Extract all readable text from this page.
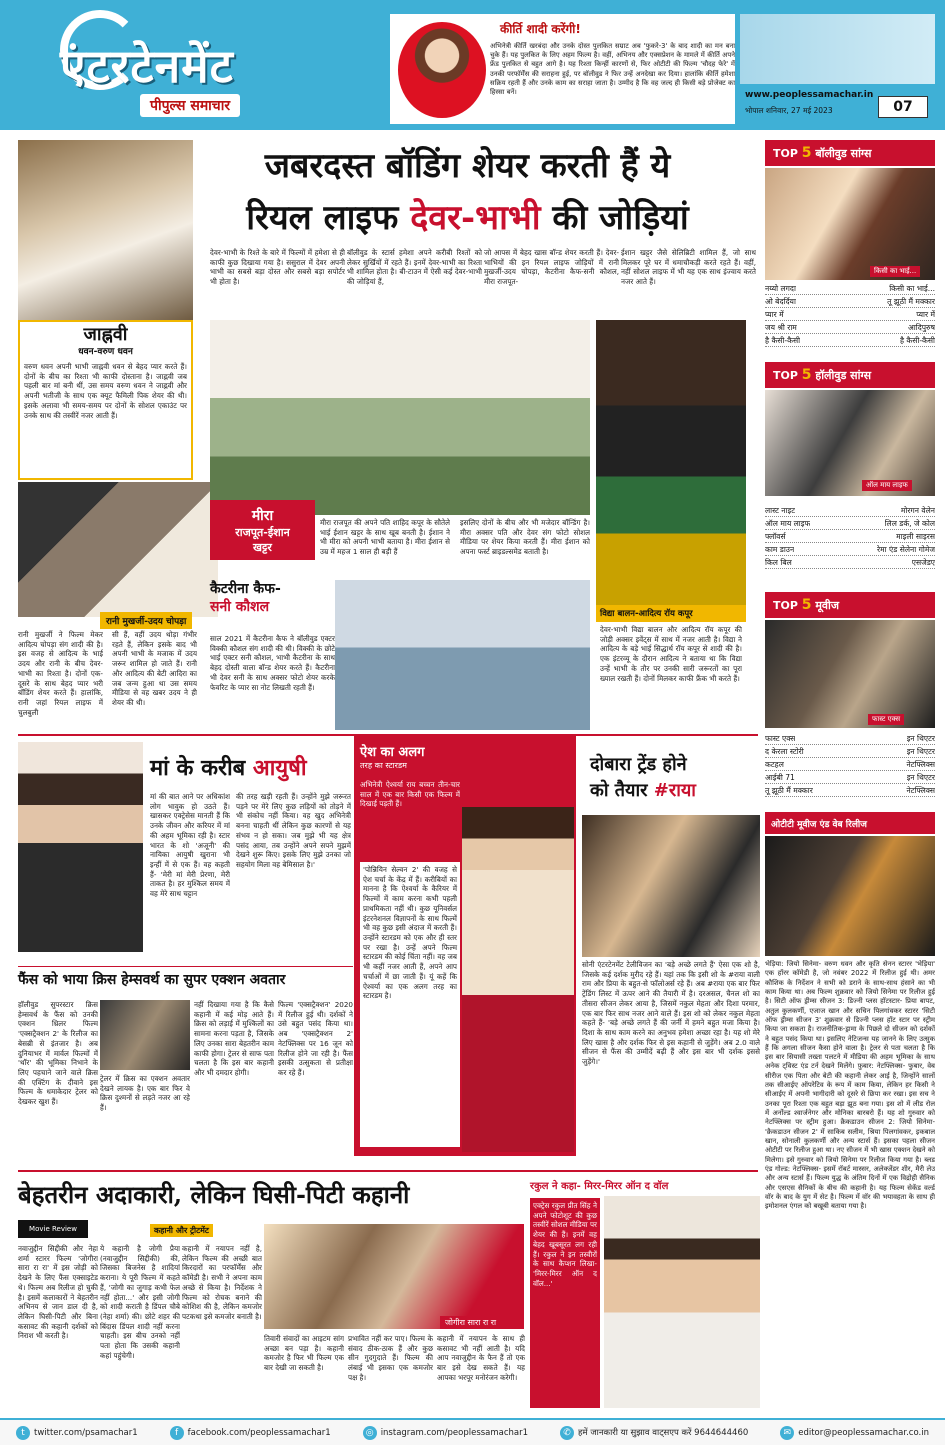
एंटरटेनमेंट
पीपुल्स समाचार
कीर्ति शादी करेंगी!
अभिनेत्री कीर्ति खरबंदा और उनके दोस्त पुलकित सम्राट अब 'फुकरे-3' के बाद शादी का मन बना चुके हैं। यह पुलकित के लिए अहम फिल्म है। वहीं, अभिनय और एक्सप्रेशन के मामले में कीर्ति अपने फ्रेंड पुलकित से बहुत आगे है। यह रिश्ता किन्हीं कारणों से, फिर ओटीटी की फिल्म 'चौदह फेरे' में उनकी परफॉर्मेंस की सराहना हुई, पर बॉलीवुड ने फिर उन्हें अनदेखा कर दिया। हालांकि कीर्ति हमेशा सक्रिय रहती हैं और उनके काम का सराहा जाता है। उम्मीद है कि वह जल्द ही किसी बड़े प्रोजेक्ट का हिस्सा बनें।	www.peoplessamachar.in
भोपाल शनिवार, 27 मई 2023	07
जबरदस्त बॉडिंग शेयर करती हैं ये
रियल लाइफ देवर-भाभी की जोड़ियां
जाह्नवी
धवन-वरुण धवन
वरुण धवन अपनी भाभी जाह्नवी धवन से बेहद प्यार करते हैं। दोनों के बीच का रिश्ता भी काफी दोस्ताना है। जाह्नवी जब पहली बार मां बनी थीं, उस समय वरुण धवन ने जाह्नवी और अपनी भतीजी के साथ एक क्यूट फैमिली पिक शेयर की थी। इसके अलावा भी समय-समय पर दोनों के सोशल एकाउंट पर उनके साथ की तस्वीरें नजर आती हैं।
रानी मुखर्जी-उदय चोपड़ा
रानी मुखर्जी ने फिल्म मेकर आदित्य चोपड़ा संग शादी की है। इस वजह से आदित्य के भाई उदय और रानी के बीच देवर-भाभी का रिश्ता है। दोनों एक-दूसरे के साथ बेहद प्यार भरी बॉडिंग शेयर करते हैं। हालांकि, रानी जहां रियल लाइफ में चुलबुली
सी हैं, वहीं उदय थोड़ा गंभीर रहते हैं, लेकिन इसके बाद भी अपनी भाभी के मजाक में उदय जरूर शामिल हो जाते हैं। रानी और आदित्य की बेटी आदिरा का जब जन्म हुआ था उस समय मीडिया से वह खबर उदय ने ही शेयर की थी।
देवर-भाभी के रिश्ते के बारे में फिल्मों में हमेशा से ही काफी कुछ दिखाया गया है। ससुराल में देवर अपनी भाभी का सबसे बड़ा दोस्त और सबसे बड़ा सपोर्टर भी होता है।
बॉलीवुड के स्टार्स हमेशा अपने करीबी रिश्तों को लेकर सुर्खियों में रहते हैं। इनमें देवर-भाभी का रिश्ता भी शामिल होता है। बी-टाउन में ऐसी कई देवर-भाभी की जोड़ियां हैं,
जो आपस में बेहद खास बॉन्ड शेयर करती हैं। देवर-भाभियों की इन रियल लाइफ जोड़ियों में रानी मुखर्जी-उदय चोपड़ा, कैटरीना कैफ-सनी कौशल, मीरा राजपूत-
ईशान खट्टर जैसे सेलिब्रिटी शामिल हैं, जो साथ मिलकर पूरे घर में धमाचौकड़ी करते रहते हैं। वहीं, नहीं सोशल लाइफ में भी यह एक साथ इंज्वाय करते नजर आते हैं।
मीरा
राजपूत-ईशान
खट्टर
मीरा राजपूत की अपने पति शाहिद कपूर के सौतेले भाई ईशान खट्टर के साथ खूब बनती है। ईशान ने भी मीरा को अपनी भाभी बताया है। मीरा ईशान से उम्र में महज 1 साल ही बड़ी हैं
इसलिए दोनों के बीच और भी मजेदार बॉन्डिंग है। मीरा अक्सर पति और देवर संग फोटो सोशल मीडिया पर शेयर किया करती हैं। मीरा ईशान को अपना फर्स्ट ब्राइडल्समेड बताती है।
विद्या बालन-आदित्य रॉय कपूर
देवर-भाभी विद्या बालन और आदित्य रॉय कपूर की जोड़ी अक्सर इवेंट्स में साथ में नजर आती है। विद्या ने आदित्य के बड़े भाई सिद्धार्थ रॉय कपूर से शादी की है। एक इंटरव्यू के दौरान आदित्य ने बताया था कि विद्या उन्हें भाभी के तौर पर उनकी सारी जरूरतों का पूरा ख्याल रखती हैं। दोनों मिलकर काफी फ्रैंक भी करते हैं।
कैटरीना कैफ-
सनी कौशल
साल 2021 में कैटरीना कैफ ने बॉलीवुड एक्टर विक्की कौशल संग शादी की थी। विक्की के छोटे भाई एक्टर सनी कौशल, भाभी कैटरीना के साथ बेहद दोस्ती वाला बॉन्ड शेयर करते हैं। कैटरीना भी देवर सनी के साथ अक्सर फोटो शेयर करके फेवरिट के प्यार सा नोट लिखती रहती हैं।
TOP 5 बॉलीवुड सांग्स
किसी का भाई...
नय्यो लगदा	किसी का भाई...
ओ बेदर्दिया	तू झूठी मैं मक्कार
प्यार में	प्यार में
जय श्री राम	आदिपुरुष
है कैसी-कैसी	है कैसी-कैसी
TOP 5 हॉलीवुड सांग्स
ऑल माय लाइफ
लास्ट नाइट	मोरगन वेलेन
ऑल माय लाइफ	लिल डर्क, जे कोल
फ्लॉवर्स	माइली साइरस
काम डाउन	रेमा एंड सेलेना गोमेज
किल बिल	एसजेडए
TOP 5 मूवीज
फास्ट एक्स
फास्ट एक्स	इन थिएटर
द केरला स्टोरी	इन थिएटर
कटहल	नेटफ्लिक्स
आईबी 71	इन थिएटर
तू झूठी मैं मक्कार	नेटफ्लिक्स
ओटीटी मूवीज एंड वेब रिलीज
भेड़िया: जियो सिनेमा- वरुण धवन और कृति सेनन स्टारर 'भेड़िया' एक हॉरर कॉमेडी है, जो नवंबर 2022 में रिलीज हुई थी। अमर कौशिक के निर्देशन ने सभी को डराने के साथ-साथ हंसाने का भी काम किया था। अब फिल्म शुक्रवार को जियो सिनेमा पर रिलीज हुई है। सिटी ऑफ ड्रीम्स सीजन 3: डिज्नी प्लस हॉटस्टार- प्रिया बापट, अतुल कुलकर्णी, एजाज खान और सचिन पिलगांवकर स्टारर 'सिटी ऑफ ड्रीम्स सीजन 3' शुक्रवार से डिज्नी प्लस हॉट स्टार पर स्ट्रीम किया जा सकता है। राजनीतिक-ड्रामा के पिछले दो सीजन को दर्शकों ने बहुत पसंद किया था। इसलिए नेटिजन्स यह जानने के लिए उत्सुक हैं कि अगला सीजन कैसा होने वाला है। ट्रेलर से पता चलता है कि इस बार सियासी तख्ता पलटने में मीडिया की अहम भूमिका के साथ अनेक ट्विस्ट एंड टर्न देखने मिलेंगे। फ़ुबार: नेटफ्लिक्स- फुबार, वेब सीरीज एक पिता और बेटी की कहानी लेकर आई है, जिन्होंने सालों तक सीआईए ऑपरेटिव के रूप में काम किया, लेकिन हर किसी ने सीआईए में अपनी भागीदारी को दूसरे से छिपा कर रखा। इस सच ने उनका पूरा रिश्ता एक बहुत बड़ा झूठ बना गया। इस शो में लीड रोल में अर्नोल्ड श्वार्जनेगर और मोनिका बारबरो हैं। यह शो गुरुवार को नेटफ्लिक्स पर स्ट्रीम हुआ। क्रैकडाउन सीजन 2: जियो सिनेमा- 'क्रैकडाउन सीजन 2' में साकिब सलीम, श्रिया पिलगांवकर, इकबाल खान, सोनाली कुलकर्णी और अन्य स्टार्स हैं। इसका पहला सीजन ओटीटी पर रिलीज हुआ था। नए सीजन में भी खास एक्शन देखने को मिलेगा। इसे गुरुवार को जियो सिनेमा पर रिलीज किया गया है। ब्लड एंड गोल्ड: नेटफ्लिक्स- इसमें रॉबर्ट मास्सर, अलेक्जेंडर शीर, मैरी लेउ और अन्य स्टार्स हैं। फिल्म युद्ध के अंतिम दिनों में एक विद्रोही सैनिक और एसएस सैनिकों के बीच की कहानी है। यह फिल्म सेकेंड वर्ल्ड वॉर के बाद के युग में सेट है। फिल्म में वॉर की भयावहता के साथ ही इमोशनल एंगल को बखूबी बताया गया है।
मां के करीब आयुषी
मां की बात आने पर अधिकांश लोग भावुक हो उठते हैं। खासकर एक्ट्रेसेस मानती हैं कि उनके जीवन और करियर में मां की अहम भूमिका रही है। स्टार भारत के शो 'अजूनी' की नायिका आयुषी खुराना भी इन्हीं में से एक हैं। वह कहती हैं- 'मेरी मां मेरी प्रेरणा, मेरी ताकत है। हर मुश्किल समय में वह मेरे साथ चट्टान
की तरह खड़ी रहती हैं। उन्होंने मुझे जरूरत पड़ने पर मेरे लिए कुछ लड़ियों को तोड़ने में भी संकोच नहीं किया। वह खुद अभिनेत्री बनना चाहती थीं लेकिन कुछ कारणों से यह संभव न हो सका। जब मुझे भी यह क्षेत्र पसंद आया, तब उन्होंने अपने सपने मुझमें देखने शुरू किए। इसके लिए मुझे उनका जो सहयोग मिला वह बेमिसाल है।'
ऐश का अलग
तरह का स्टारडम
अभिनेत्री ऐश्वर्या राय बच्चन तीन-चार साल में एक बार किसी एक फिल्म में दिखाई पड़ती हैं।
'पोन्नियिन सेल्वन 2' की वजह से ऐश चर्चा के केंद्र में हैं। करीबियों का मानना है कि ऐश्वर्या के कैरियर में फिल्मों में काम करना कभी पहली प्राथमिकता नहीं थी। कुछ यूनिवर्सल इंटरनेशनल विज्ञापनों के साथ फिल्में भी वह कुछ इसी अंदाज में करती हैं। उन्होंने स्टारडम को एक और ही स्तर पर रखा है। उन्हें अपने फिल्म स्टारडम की कोई चिंता नहीं। वह जब भी कहीं नजर आती हैं, अपने आप चर्चाओं में छा जाती हैं। यूं कहें कि ऐश्वर्या का एक अलग तरह का स्टारडम है।
दोबारा ट्रेंड होने
को तैयार #राया
सोनी एंटरटेनमेंट टेलीविजन का 'बड़े अच्छे लगते हैं' ऐसा एक शो है, जिसके कई दर्शक मुरीद रहे हैं। यहां तक कि इसी शो के #राया वाली राम और प्रिया के बहुत-से फॉलोअर्स रहे हैं। अब #राया एक बार फिर ट्रेंडिंग लिस्ट में ऊपर आने की तैयारी में है। दरअसल, चैनल शो का तीसरा सीजन लेकर आया है, जिसमें नकुल मेहता और दिशा परमार, एक बार फिर साथ नजर आने वाले हैं। इस शो को लेकर नकुल मेहता कहते हैं- 'बड़े अच्छे लगते हैं की जर्नी में हमने बहुत मजा किया है। दिशा के साथ काम करने का अनुभव हमेशा अच्छा रहा है। यह शो मेरे लिए खास है और दर्शक फिर से इस कहानी से जुड़ेंगे। अब 2.0 वाले सीजन से फैंस की उम्मीदें बढ़ी हैं और इस बार भी दर्शक इससे जुड़ेंगे।'
फैंस को भाया क्रिस हेम्सवर्थ का सुपर एक्शन अवतार
हॉलीवुड सुपरस्टार क्रिस हेम्सवर्थ के फैंस को उनकी एक्शन थ्रिलर फिल्म 'एक्सट्रैक्शन 2' के रिलीज का बेसब्री से इंतजार है। अब दुनियाभर में मार्वल फिल्मों में 'थॉर' की भूमिका निभाने के लिए पहचाने जाने वाले क्रिस की एक्टिंग के दीवाने इस फिल्म के धमाकेदार ट्रेलर को देखकर खुश हैं।
ट्रेलर में क्रिस का एक्शन अवतार देखने लायक है। एक बार फिर वे क्रिस दुश्मनों से लड़ते नजर आ रहे हैं।
नहीं दिखाया गया है कि कैसे कहानी में कई मोड़ आते हैं। क्रिस को लड़ाई में मुश्किलों का सामना करना पड़ता है, जिसके लिए उनका सारा बेहतरीन काम काफी होगा। ट्रेलर से साफ पता चलता है कि इस बार कहानी और भी दमदार होगी।
फिल्म 'एक्सट्रैक्शन' 2020 में रिलीज हुई थी। दर्शकों ने उसे बहुत पसंद किया था। अब 'एक्सट्रैक्शन 2' नेटफ्लिक्स पर 16 जून को रिलीज होने जा रही है। फैंस इसकी उत्सुकता से प्रतीक्षा कर रहे हैं।
बेहतरीन अदाकारी, लेकिन घिसी-पिटी कहानी
Movie Review	कहानी और ट्रीटमेंट
नवाजुद्दीन सिद्दीकी और नेहा शर्मा स्टारर फिल्म 'जोगीरा सारा रा रा' में इस जोड़ी को देखने के लिए फैंस एक्साइटेड थे। फिल्म अब रिलीज हो चुकी है। इसमें कलाकारों ने बेहतरीन अभिनय से जान डाल दी है, लेकिन घिसी-पिटी और बिना कसावट की कहानी दर्शकों को निराश भी करती है।
ये कहानी है जोगी प्रैया (नवाजुद्दीन सिद्दीकी) की, जिसका बिजनेस है शादियां कराना। ये पूरी फिल्म में कहते हैं, 'जोगी का जुगाड़ कभी फेल नहीं होता...' और इसी जोगी को शादी कराती है डिंपल चौबे (नेहा शर्मा) की। छोटे शहर की बिंदास डिंपल शादी नहीं करना चाहती। इस बीच उनको नहीं पता होता कि उसकी कहानी कहां पहुंचेगी।
कहानी में नयापन नहीं है, लेकिन फिल्म की अच्छी बात किरदारों का परफॉर्मेंस और कॉमेडी है। सभी ने अपना काम अच्छे से किया है। निर्देशक ने फिल्म को रोचक बनाने की कोशिश की है, लेकिन कमजोर पटकथा इसे कमजोर बनाती है।
जोगीरा सारा रा रा
तिवारी संवादों का आइटम सांग अच्छा बन पड़ा है। कहानी कमजोर है फिर भी फिल्म एक बार देखी जा सकती है।
प्रभावित नहीं कर पाए। फिल्म के संवाद ठीक-ठाक हैं और कुछ सीन गुदगुदाते हैं। फिल्म की लंबाई भी इसका एक कमजोर पक्ष है।
कहानी में नयापन के साथ ही कसावट भी नहीं आती है। यदि आप नवाजुद्दीन के फैन हैं तो एक बार इसे देख सकते हैं। यह आपका भरपूर मनोरंजन करेगी।
रकुल ने कहा- मिरर-मिरर ऑन द वॉल
एक्ट्रेस रकुल प्रीत सिंह ने अपने फोटोशूट की कुछ तस्वीरें सोशल मीडिया पर शेयर की हैं। इनमें वह बेहद खूबसूरत लग रही हैं। रकुल ने इन तस्वीरों के साथ कैप्शन लिखा- 'मिरर-मिरर ऑन द वॉल...'
t	twitter.com/psamachar1	f	facebook.com/peoplessamachar1	◎ instagram.com/peoplessamachar1	✆ हमें जानकारी या सुझाव वाट्सएप करें 9644644460	✉ editor@peoplessamachar.co.in
